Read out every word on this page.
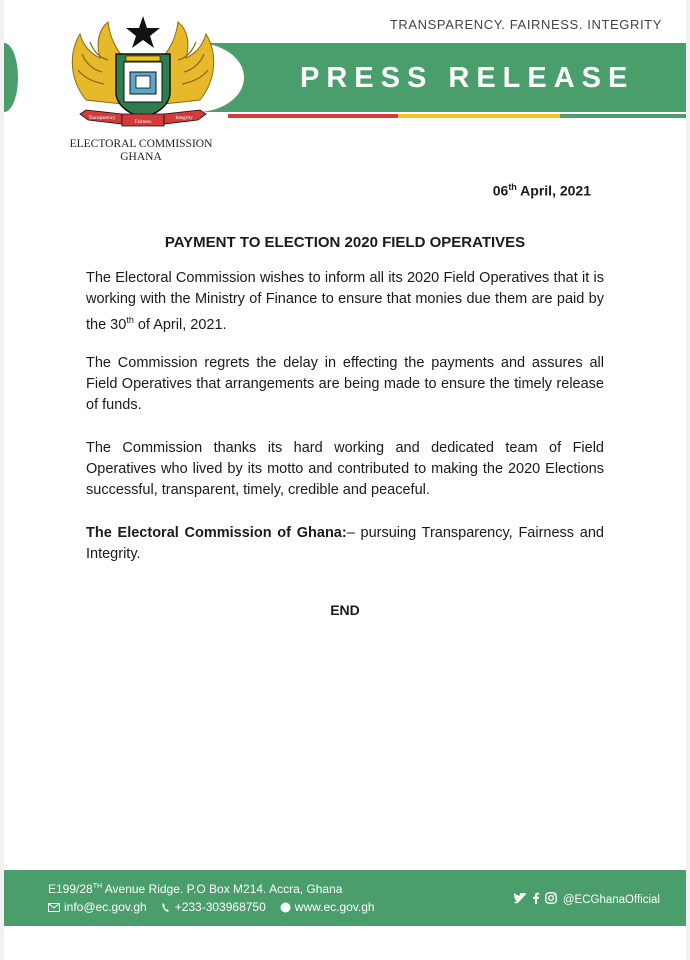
TRANSPARENCY. FAIRNESS. INTEGRITY
PRESS RELEASE
Transparency
Fairness
Integrity
ELECTORAL COMMISSION
GHANA
06th April, 2021
PAYMENT TO ELECTION 2020 FIELD OPERATIVES
The Electoral Commission wishes to inform all its 2020 Field Operatives that it is working with the Ministry of Finance to ensure that monies due them are paid by the 30th of April, 2021.
The Commission regrets the delay in effecting the payments and assures all Field Operatives that arrangements are being made to ensure the timely release of funds.
The Commission thanks its hard working and dedicated team of Field Operatives who lived by its motto and contributed to making the 2020 Elections successful, transparent, timely, credible and peaceful.
The Electoral Commission of Ghana:– pursuing Transparency, Fairness and Integrity.
END
E199/28TH Avenue Ridge. P.O Box M214. Accra, Ghana
info@ec.gov.gh +233-303968750 www.ec.gov.gh

@ECGhanaOfficial
